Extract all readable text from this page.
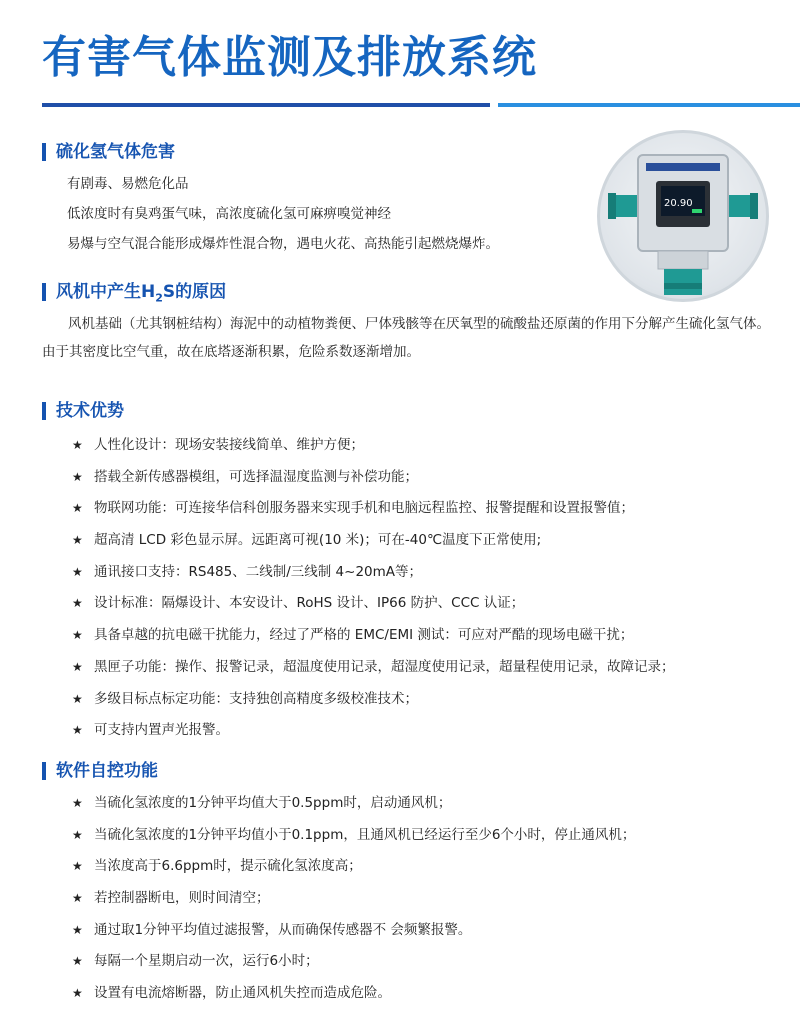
有害气体监测及排放系统
硫化氢气体危害
有剧毒、易燃危化品
低浓度时有臭鸡蛋气味，高浓度硫化氢可麻痹嗅觉神经
易爆与空气混合能形成爆炸性混合物，遇电火花、高热能引起燃烧爆炸。
20.90
风机中产生$H_2S$的原因

风机基础（尤其钢桩结构）海泥中的动植物粪便、尸体残骸等在厌氧型的硫酸盐还原菌的作用下分解产生硫化氢气体。由于其密度比空气重，故在底塔逐渐积累，危险系数逐渐增加。

技术优势
★ 人性化设计：现场安装接线简单、维护方便；
★ 搭载全新传感器模组，可选择温湿度监测与补偿功能；
★ 物联网功能：可连接华信科创服务器来实现手机和电脑远程监控、报警提醒和设置报警值；
★ 超高清 LCD 彩色显示屏。远距离可视(10 米)；可在-40℃温度下正常使用;
★ 通讯接口支持：RS485、二线制/三线制 4~20mA等；
★ 设计标准：隔爆设计、本安设计、RoHS 设计、IP66 防护、CCC 认证；
★ 具备卓越的抗电磁干扰能力，经过了严格的 EMC/EMI 测试：可应对严酷的现场电磁干扰；
★ 黑匣子功能：操作、报警记录，超温度使用记录，超湿度使用记录，超量程使用记录，故障记录；
★ 多级目标点标定功能：支持独创高精度多级校准技术；
★ 可支持内置声光报警。
软件自控功能
★ 当硫化氢浓度的1分钟平均值大于0.5ppm时，启动通风机；
★ 当硫化氢浓度的1分钟平均值小于0.1ppm，且通风机已经运行至少6个小时，停止通风机；
★ 当浓度高于6.6ppm时，提示硫化氢浓度高；
★ 若控制器断电，则时间清空；
★ 通过取1分钟平均值过滤报警，从而确保传感器不 会频繁报警。
★ 每隔一个星期启动一次，运行6小时；
★ 设置有电流熔断器，防止通风机失控而造成危险。
